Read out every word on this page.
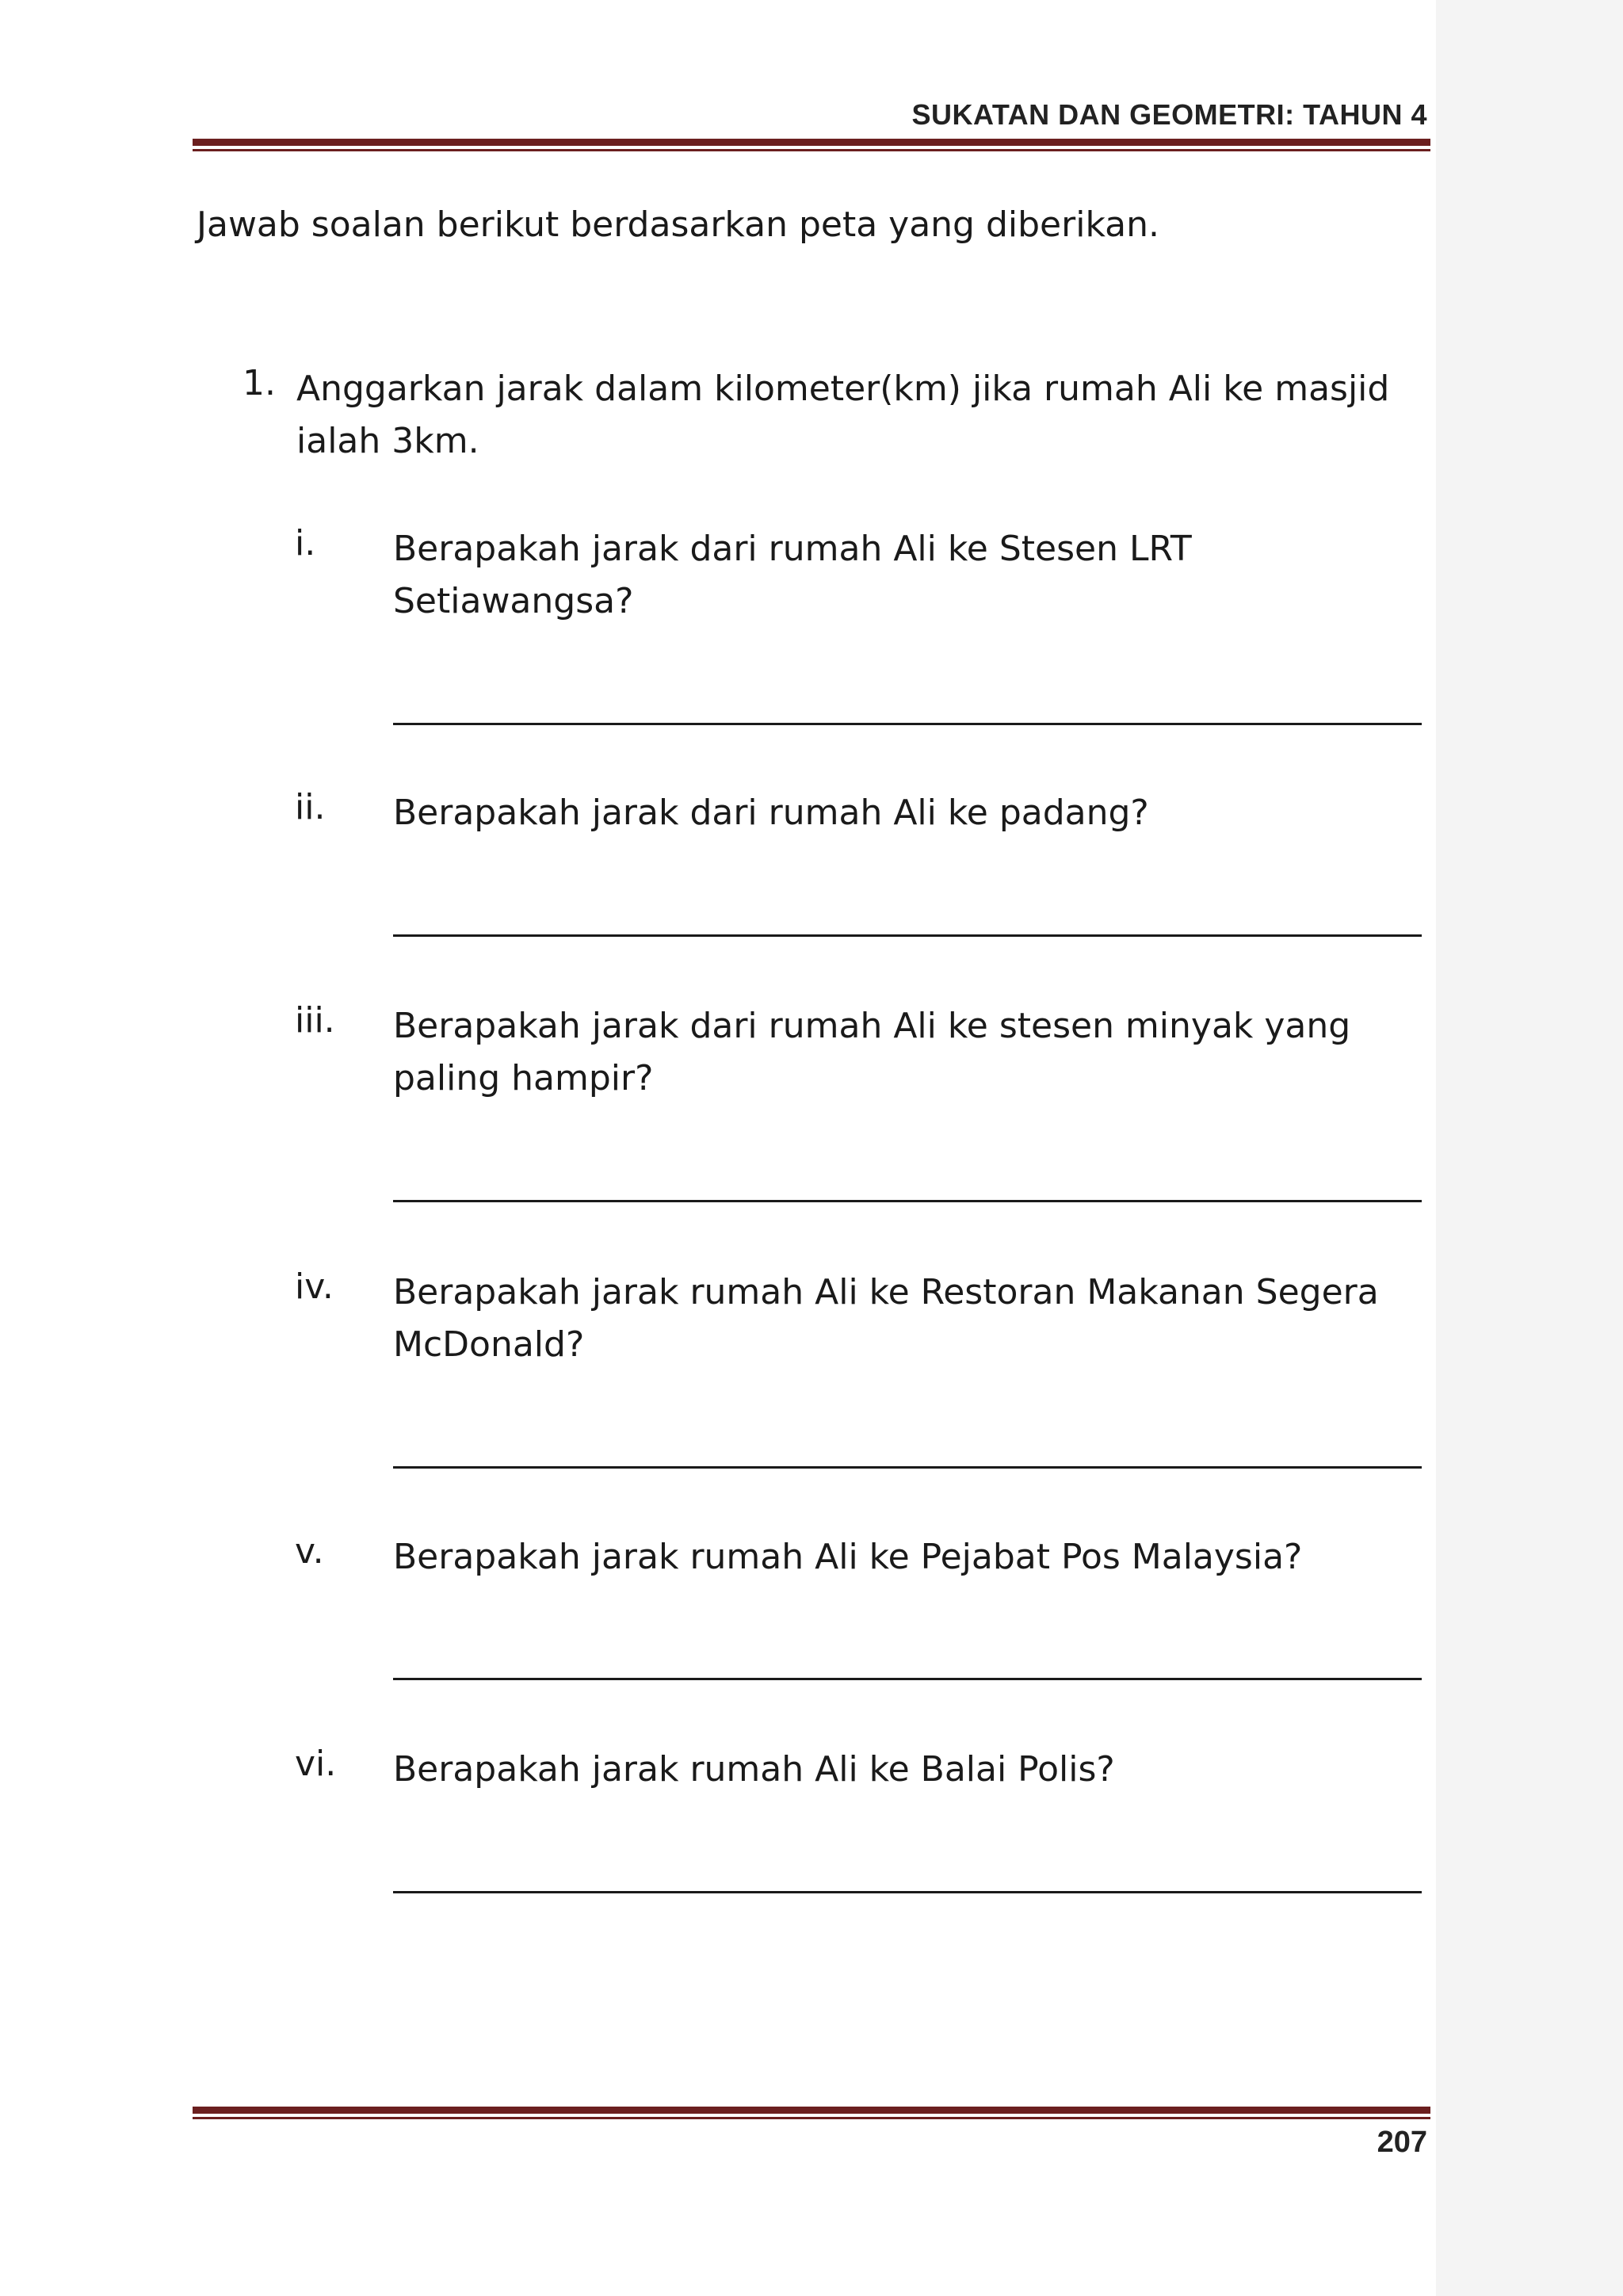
SUKATAN DAN GEOMETRI: TAHUN 4
Jawab soalan berikut berdasarkan peta yang diberikan.
1. Anggarkan jarak dalam kilometer(km) jika rumah Ali ke masjid ialah 3km.
i. Berapakah jarak dari rumah Ali ke Stesen LRT Setiawangsa?
ii. Berapakah jarak dari rumah Ali ke padang?
iii. Berapakah jarak dari rumah Ali ke stesen minyak yang paling hampir?
iv. Berapakah jarak rumah Ali ke Restoran Makanan Segera McDonald?
v. Berapakah jarak rumah Ali ke Pejabat Pos Malaysia?
vi. Berapakah jarak rumah Ali ke Balai Polis?
207
